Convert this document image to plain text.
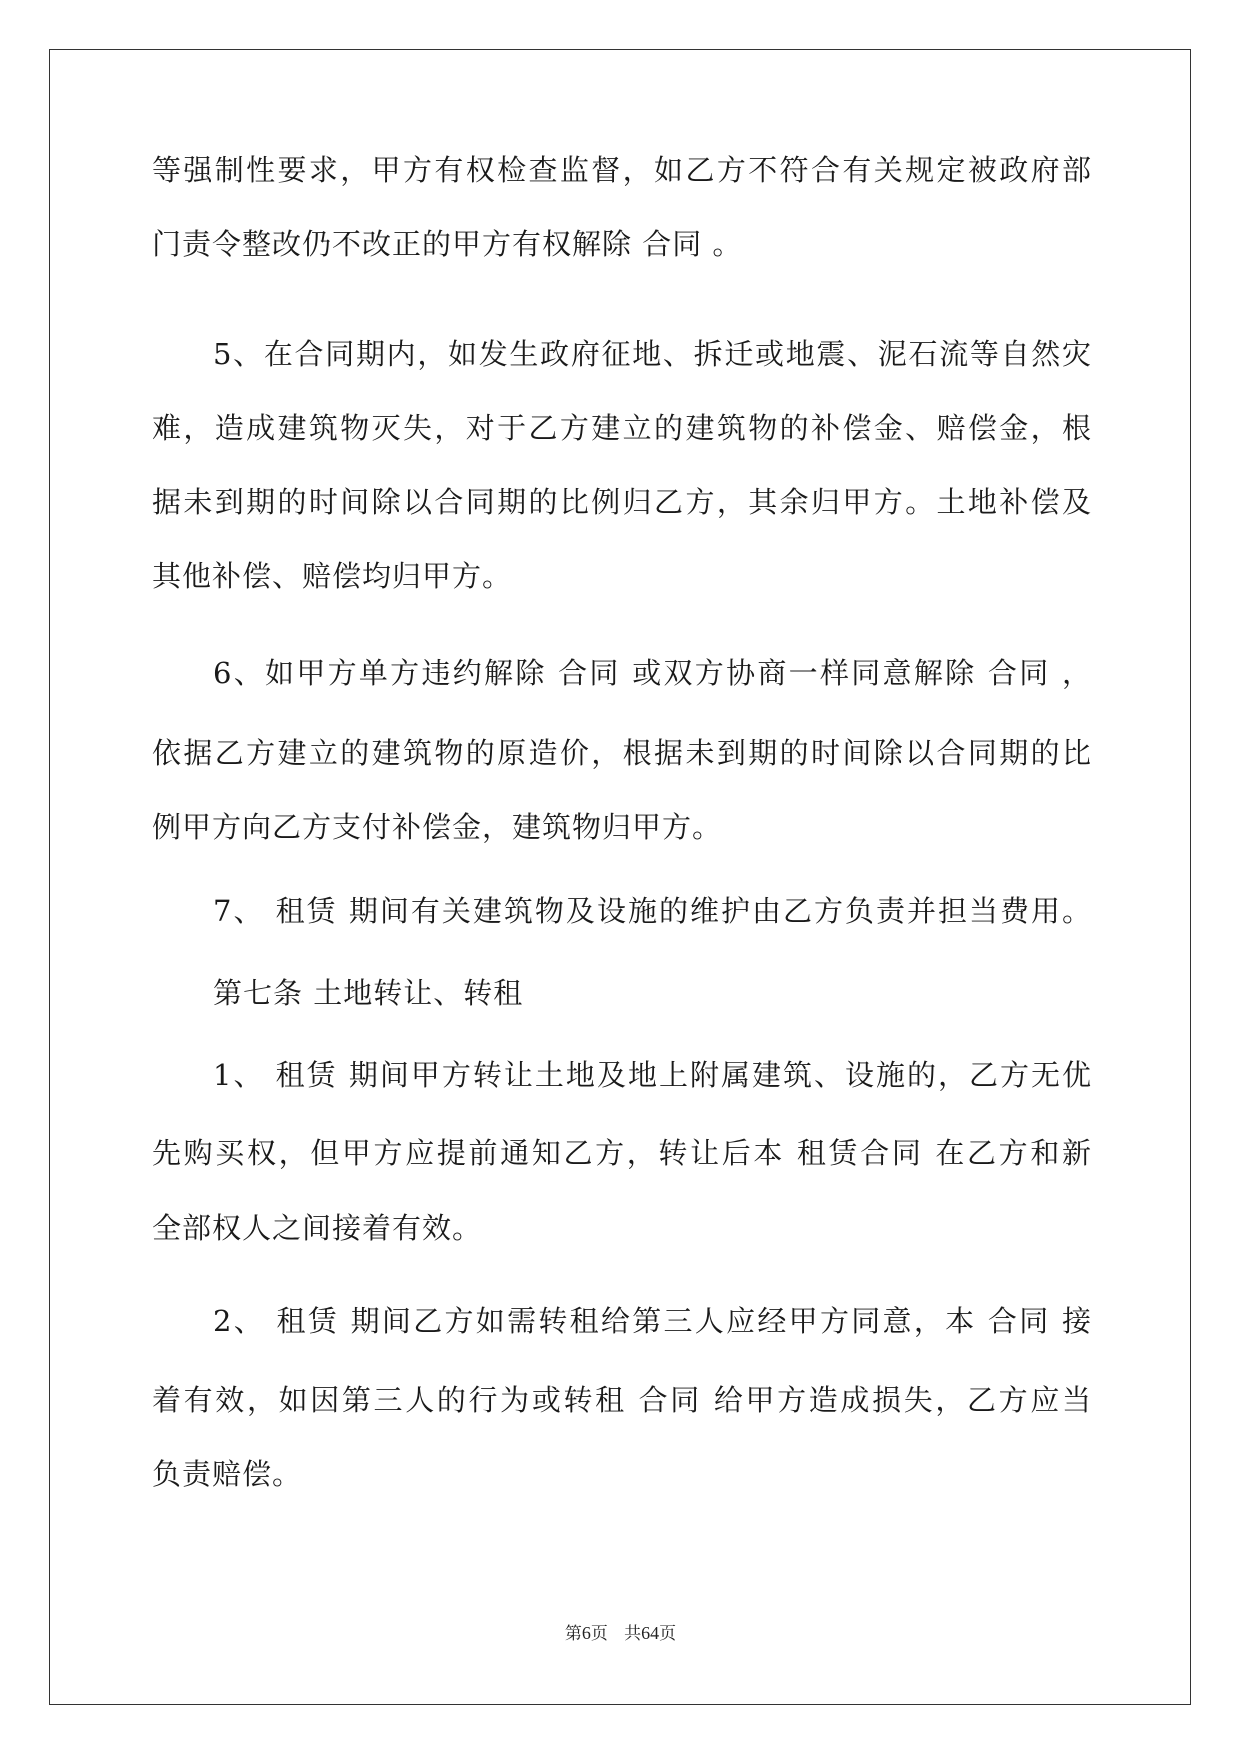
等强制性要求，甲方有权检查监督，如乙方不符合有关规定被政府部
门责令整改仍不改正的甲方有权解除 合同 。
5、在合同期内，如发生政府征地、拆迁或地震、泥石流等自然灾
难，造成建筑物灭失，对于乙方建立的建筑物的补偿金、赔偿金，根
据未到期的时间除以合同期的比例归乙方，其余归甲方。土地补偿及
其他补偿、赔偿均归甲方。
6、如甲方单方违约解除 合同 或双方协商一样同意解除 合同 ，
依据乙方建立的建筑物的原造价，根据未到期的时间除以合同期的比
例甲方向乙方支付补偿金，建筑物归甲方。
7、 租赁 期间有关建筑物及设施的维护由乙方负责并担当费用。
第七条 土地转让、转租
1、 租赁 期间甲方转让土地及地上附属建筑、设施的，乙方无优
先购买权，但甲方应提前通知乙方，转让后本 租赁合同 在乙方和新
全部权人之间接着有效。
2、 租赁 期间乙方如需转租给第三人应经甲方同意，本 合同 接
着有效，如因第三人的行为或转租 合同 给甲方造成损失，乙方应当
负责赔偿。
第6页 共64页
